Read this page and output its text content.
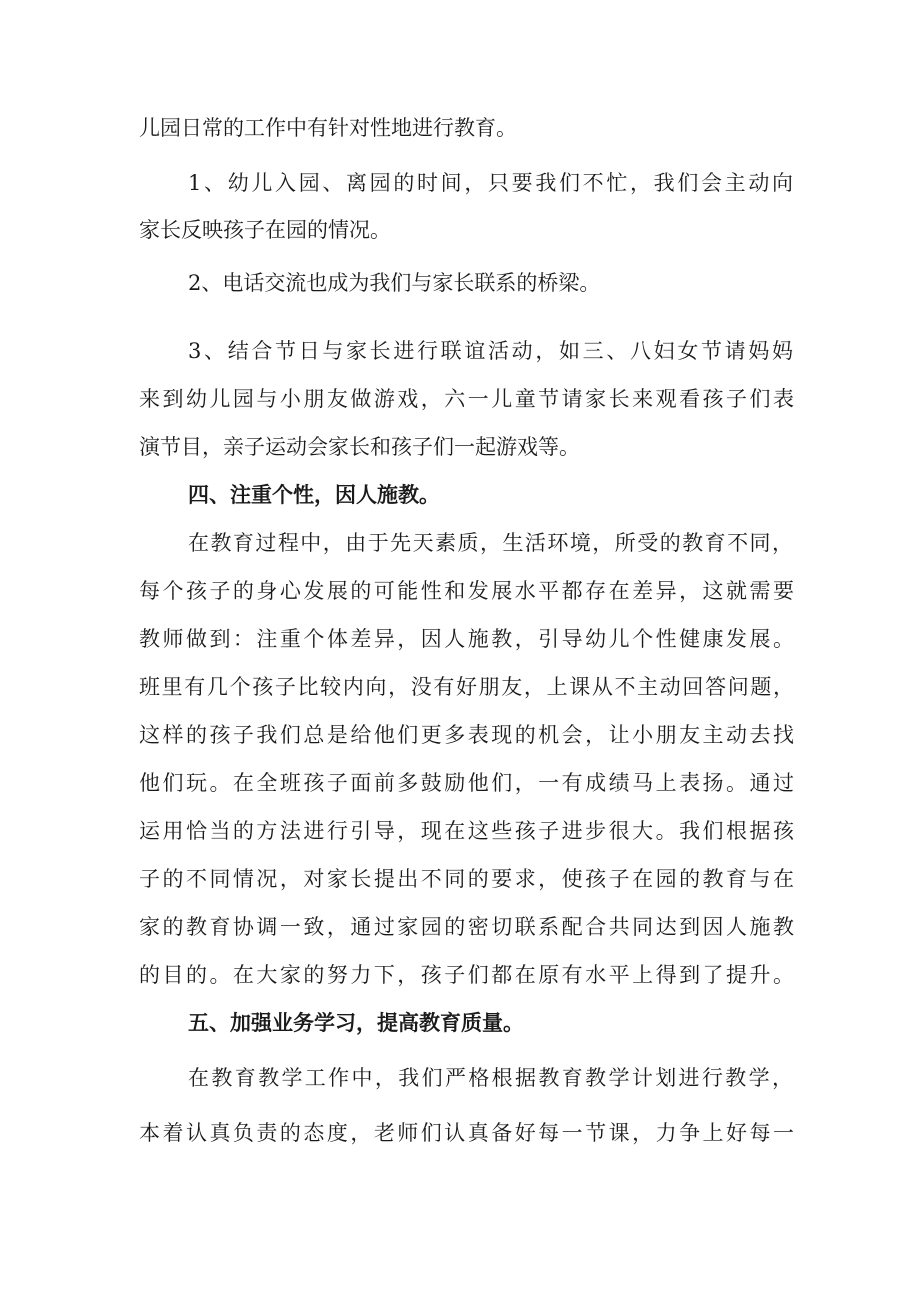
儿园日常的工作中有针对性地进行教育。
1、幼儿入园、离园的时间，只要我们不忙，我们会主动向
家长反映孩子在园的情况。
2、电话交流也成为我们与家长联系的桥梁。
3、结合节日与家长进行联谊活动，如三、八妇女节请妈妈
来到幼儿园与小朋友做游戏，六一儿童节请家长来观看孩子们表
演节目，亲子运动会家长和孩子们一起游戏等。
四、注重个性，因人施教。
在教育过程中，由于先天素质，生活环境，所受的教育不同，
每个孩子的身心发展的可能性和发展水平都存在差异，这就需要
教师做到：注重个体差异，因人施教，引导幼儿个性健康发展。
班里有几个孩子比较内向，没有好朋友，上课从不主动回答问题，
这样的孩子我们总是给他们更多表现的机会，让小朋友主动去找
他们玩。在全班孩子面前多鼓励他们，一有成绩马上表扬。通过
运用恰当的方法进行引导，现在这些孩子进步很大。我们根据孩
子的不同情况，对家长提出不同的要求，使孩子在园的教育与在
家的教育协调一致，通过家园的密切联系配合共同达到因人施教
的目的。在大家的努力下，孩子们都在原有水平上得到了提升。
五、加强业务学习，提高教育质量。
在教育教学工作中，我们严格根据教育教学计划进行教学，
本着认真负责的态度，老师们认真备好每一节课，力争上好每一
